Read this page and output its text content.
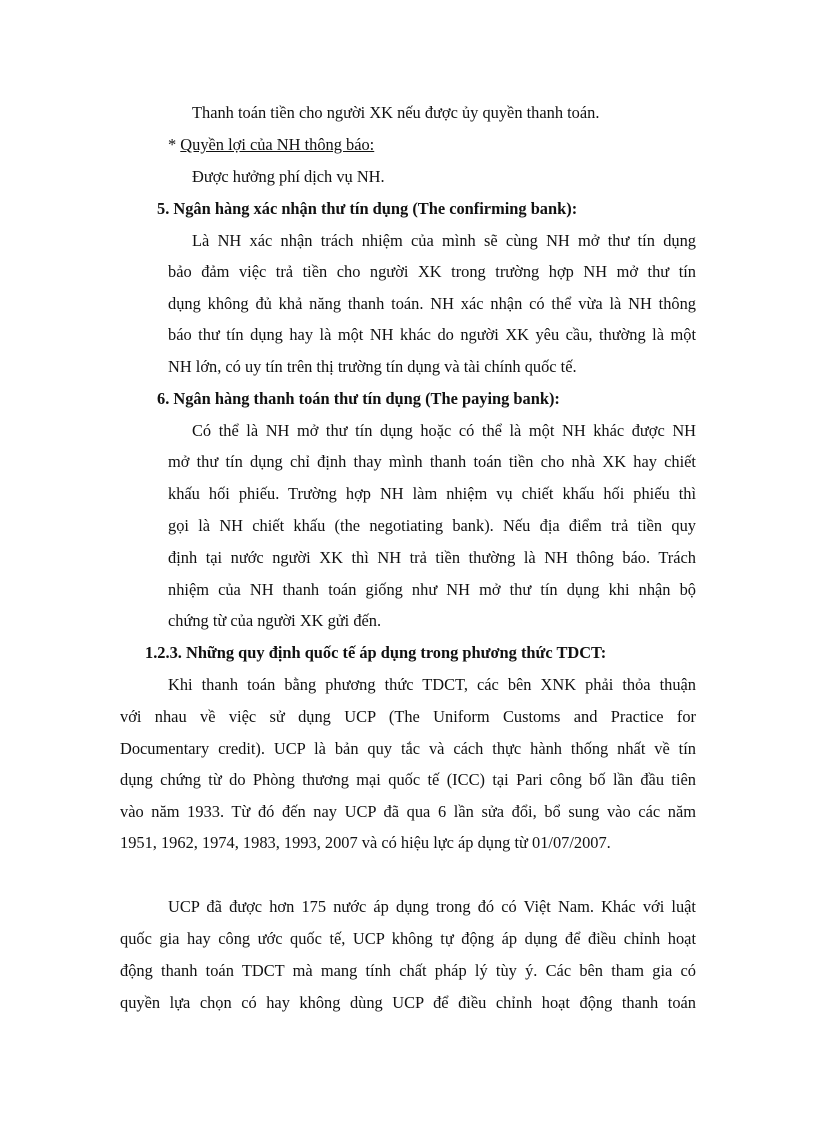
Thanh toán tiền cho người XK nếu được ủy quyền thanh toán.
* Quyền lợi của NH thông báo:
Được hưởng phí dịch vụ NH.
5. Ngân hàng xác nhận thư tín dụng (The confirming bank):
Là NH xác nhận trách nhiệm của mình sẽ cùng NH mở thư tín dụng
bảo đảm việc trả tiền cho người XK trong trường hợp NH mở thư tín
dụng không đủ khả năng thanh toán. NH xác nhận có thể vừa là NH thông
báo thư tín dụng hay là một NH khác do người XK yêu cầu, thường là một
NH lớn, có uy tín trên thị trường tín dụng và tài chính quốc tế.
6. Ngân hàng thanh toán thư tín dụng (The paying bank):
Có thể là NH mở thư tín dụng hoặc có thể là một NH khác được NH
mở thư tín dụng chỉ định thay mình thanh toán tiền cho nhà XK hay chiết
khấu hối phiếu. Trường hợp NH làm nhiệm vụ chiết khấu hối phiếu thì
gọi là NH chiết khấu (the negotiating bank). Nếu địa điểm trả tiền quy
định tại nước người XK thì NH trả tiền thường là NH thông báo. Trách
nhiệm của NH thanh toán giống như NH mở thư tín dụng khi nhận bộ
chứng từ của người XK gửi đến.
1.2.3. Những quy định quốc tế áp dụng trong phương thức TDCT:
Khi thanh toán bằng phương thức TDCT, các bên XNK phải thỏa thuận
với nhau về việc sử dụng UCP (The Uniform Customs and Practice for
Documentary credit). UCP là bản quy tắc và cách thực hành thống nhất về tín
dụng chứng từ do Phòng thương mại quốc tế (ICC) tại Pari công bố lần đầu tiên
vào năm 1933. Từ đó đến nay UCP đã qua 6 lần sửa đổi, bổ sung vào các năm
1951, 1962, 1974, 1983, 1993, 2007 và có hiệu lực áp dụng từ 01/07/2007.
UCP đã được hơn 175 nước áp dụng trong đó có Việt Nam. Khác với luật
quốc gia hay công ước quốc tế, UCP không tự động áp dụng để điều chỉnh hoạt
động thanh toán TDCT mà mang tính chất pháp lý tùy ý. Các bên tham gia có
quyền lựa chọn có hay không dùng UCP để điều chỉnh hoạt động thanh toán
